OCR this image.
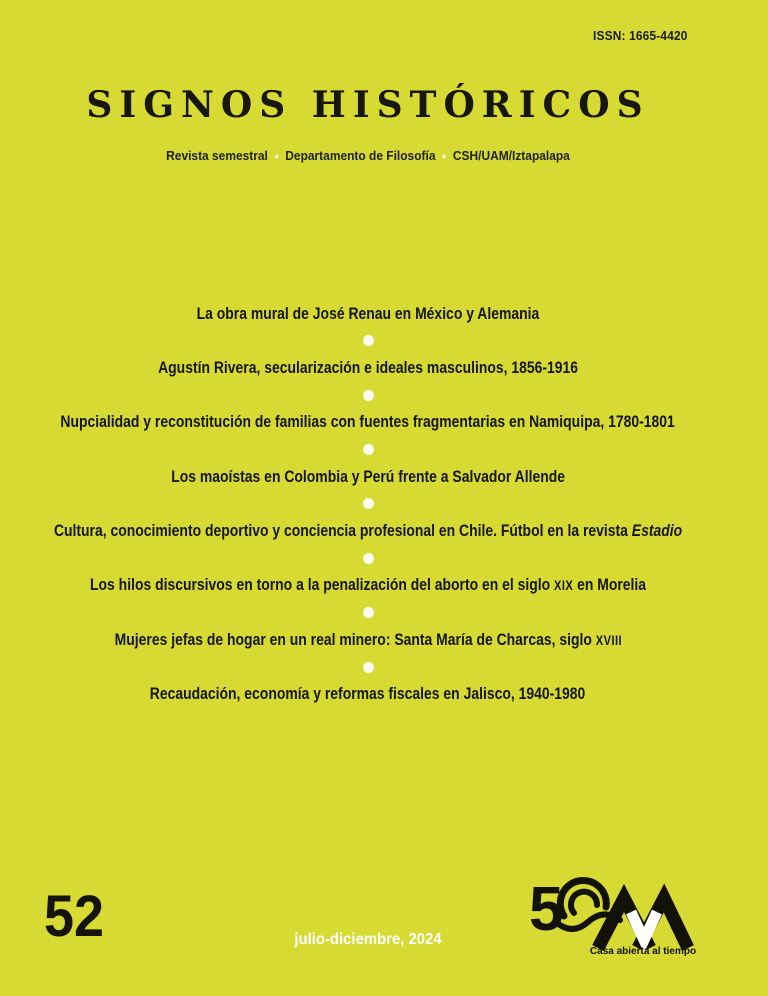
ISSN: 1665-4420
SIGNOS HISTÓRICOS
Revista semestral • Departamento de Filosofía • CSH/UAM/Iztapalapa
La obra mural de José Renau en México y Alemania
Agustín Rivera, secularización e ideales masculinos, 1856-1916
Nupcialidad y reconstitución de familias con fuentes fragmentarias en Namiquipa, 1780-1801
Los maoístas en Colombia y Perú frente a Salvador Allende
Cultura, conocimiento deportivo y conciencia profesional en Chile. Fútbol en la revista Estadio
Los hilos discursivos en torno a la penalización del aborto en el siglo XIX en Morelia
Mujeres jefas de hogar en un real minero: Santa María de Charcas, siglo XVIII
Recaudación, economía y reformas fiscales en Jalisco, 1940-1980
52	julio-diciembre, 2024	5
Casa abierta al tiempo
